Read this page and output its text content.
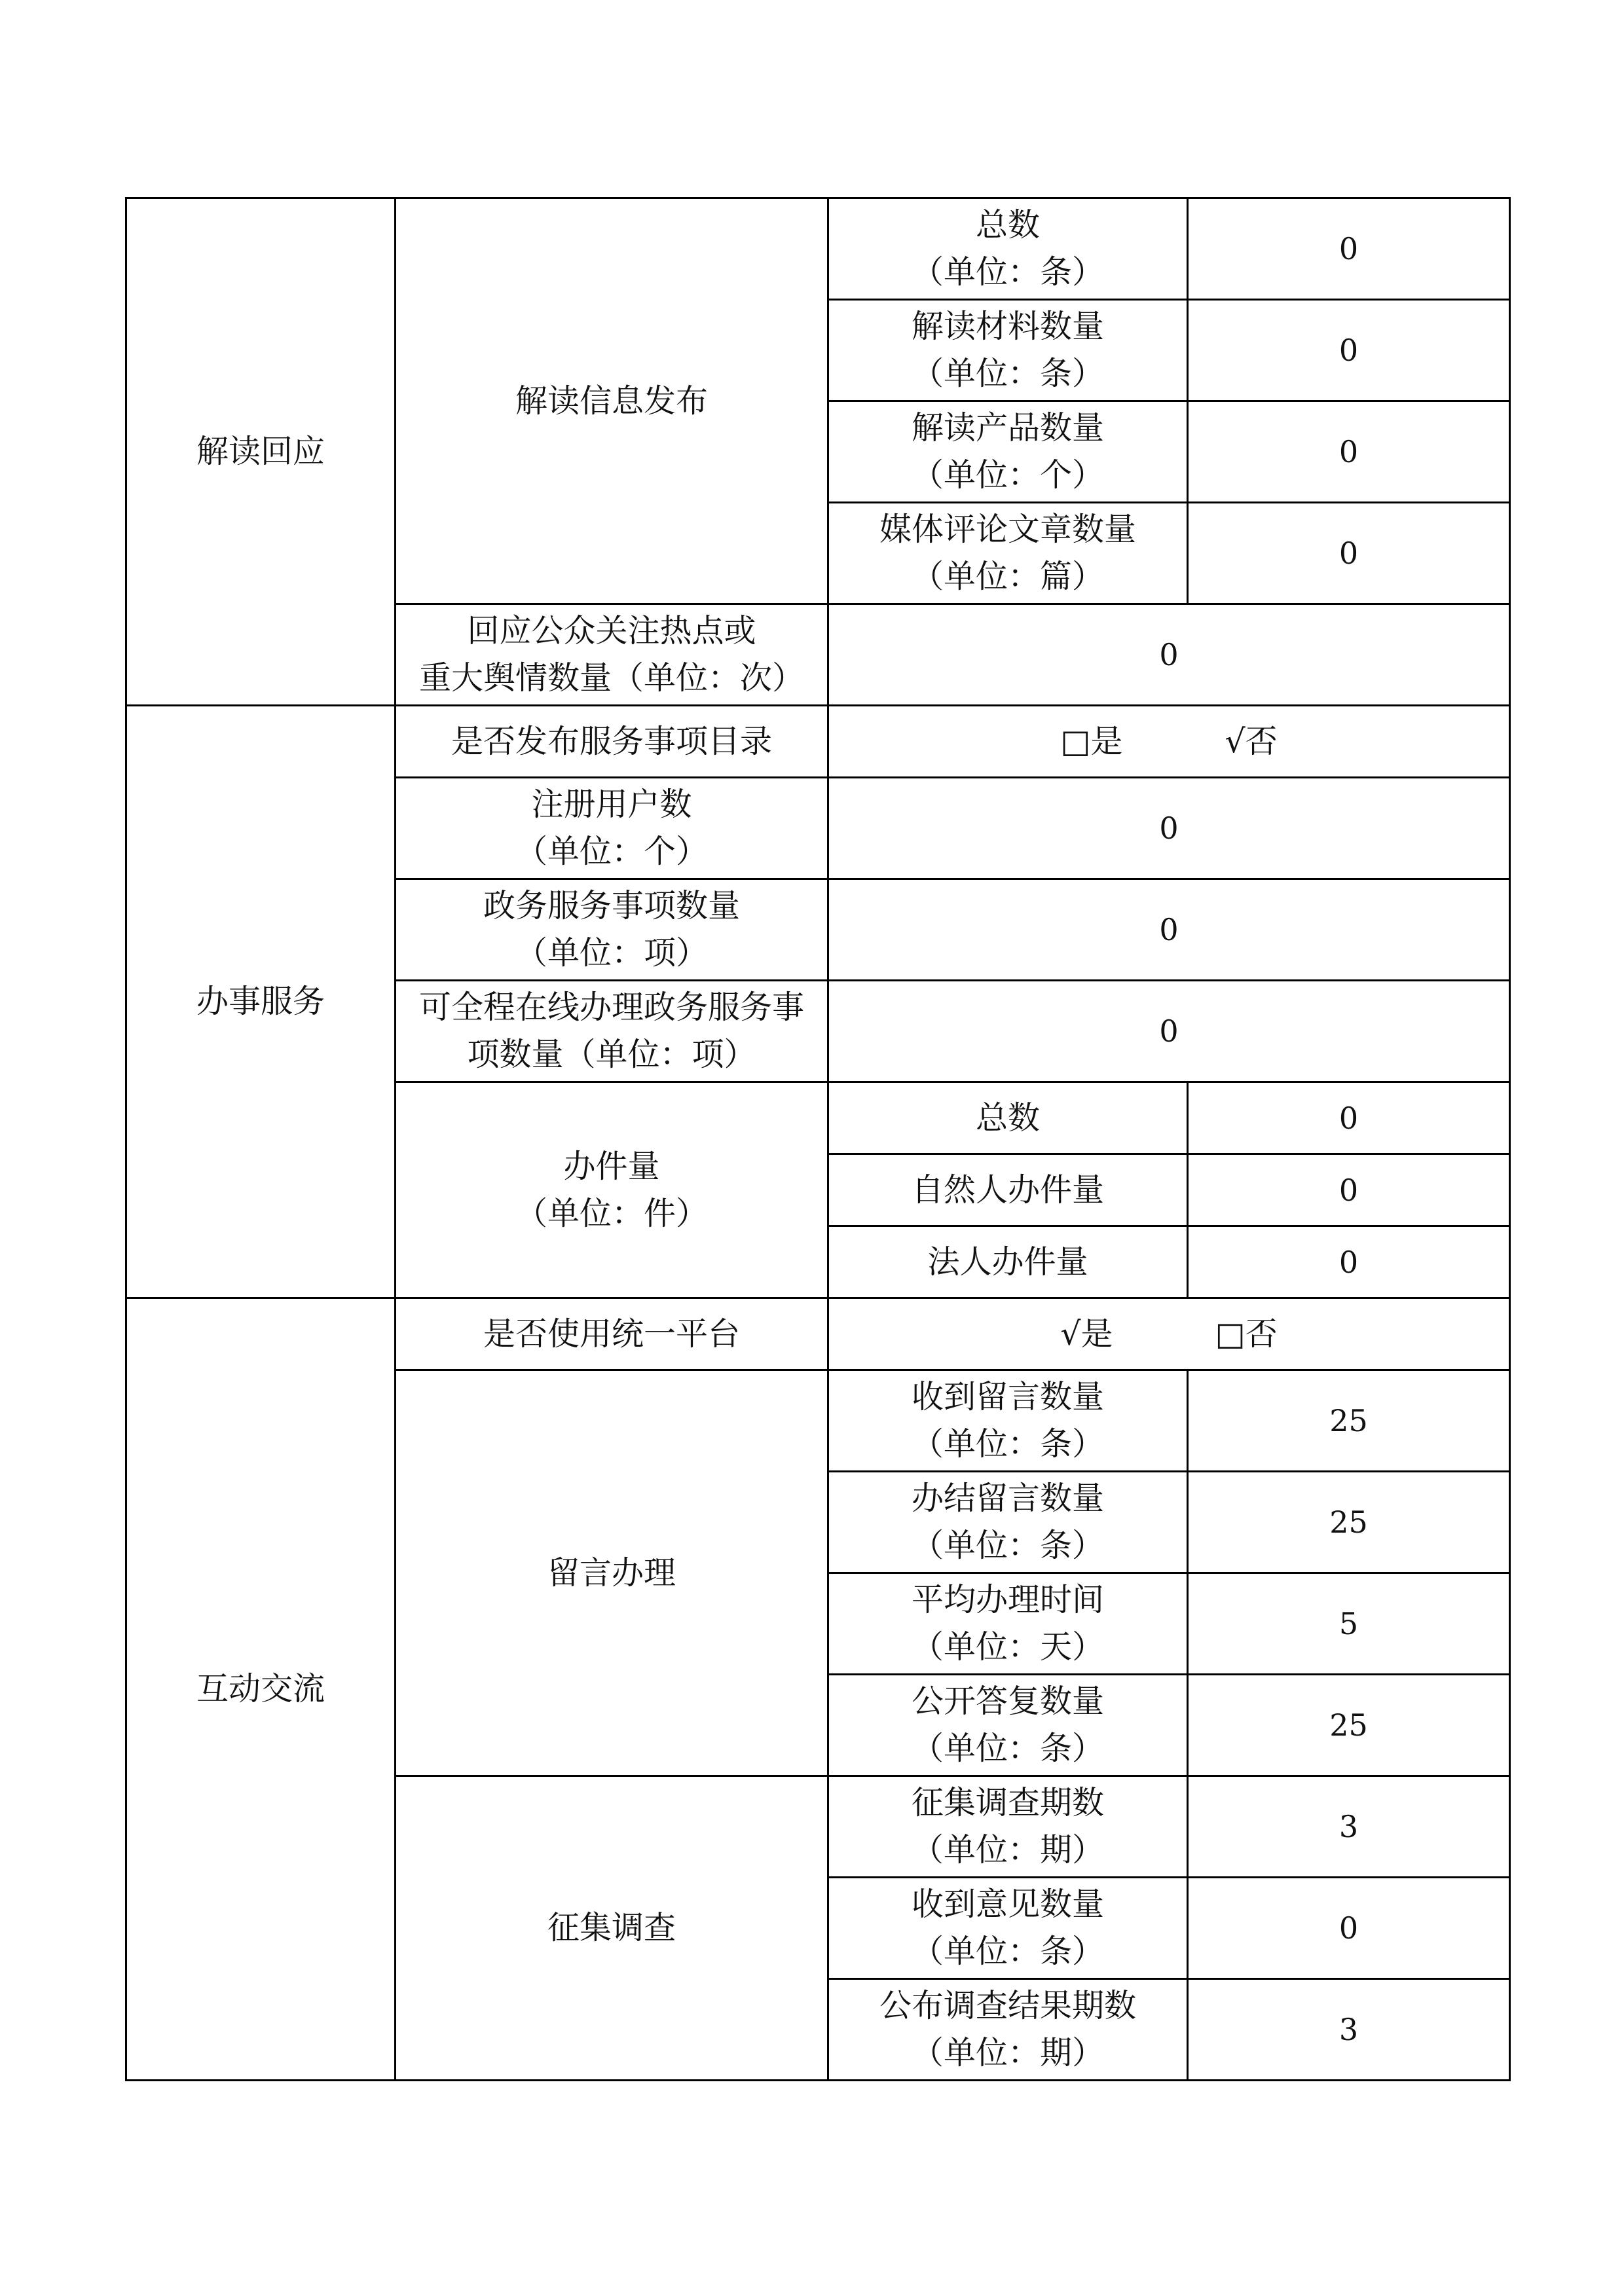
解读回应	解读信息发布	总数
（单位：条）	0

		解读材料数量
（单位：条）	0

		解读产品数量
（单位：个）	0

		媒体评论文章数量
（单位：篇）	0

	回应公众关注热点或
重大舆情数量（单位：次）	0	
办事服务	是否发布服务事项目录	□是 √否	

	注册用户数
（单位：个）	0	

	政务服务事项数量
（单位：项）	0	

	可全程在线办理政务服务事
项数量（单位：项）	0	

	办件量
（单位：件）	总数	0
		自然人办件量	0
		法人办件量	0
互动交流	是否使用统一平台	√是 □否	

	留言办理	收到留言数量
（单位：条）	25

		办结留言数量
（单位：条）	25

		平均办理时间
（单位：天）	5

		公开答复数量
（单位：条）	25
	征集调查	征集调查期数
（单位：期）	3

		收到意见数量
（单位：条）	0

		公布调查结果期数
（单位：期）	3
